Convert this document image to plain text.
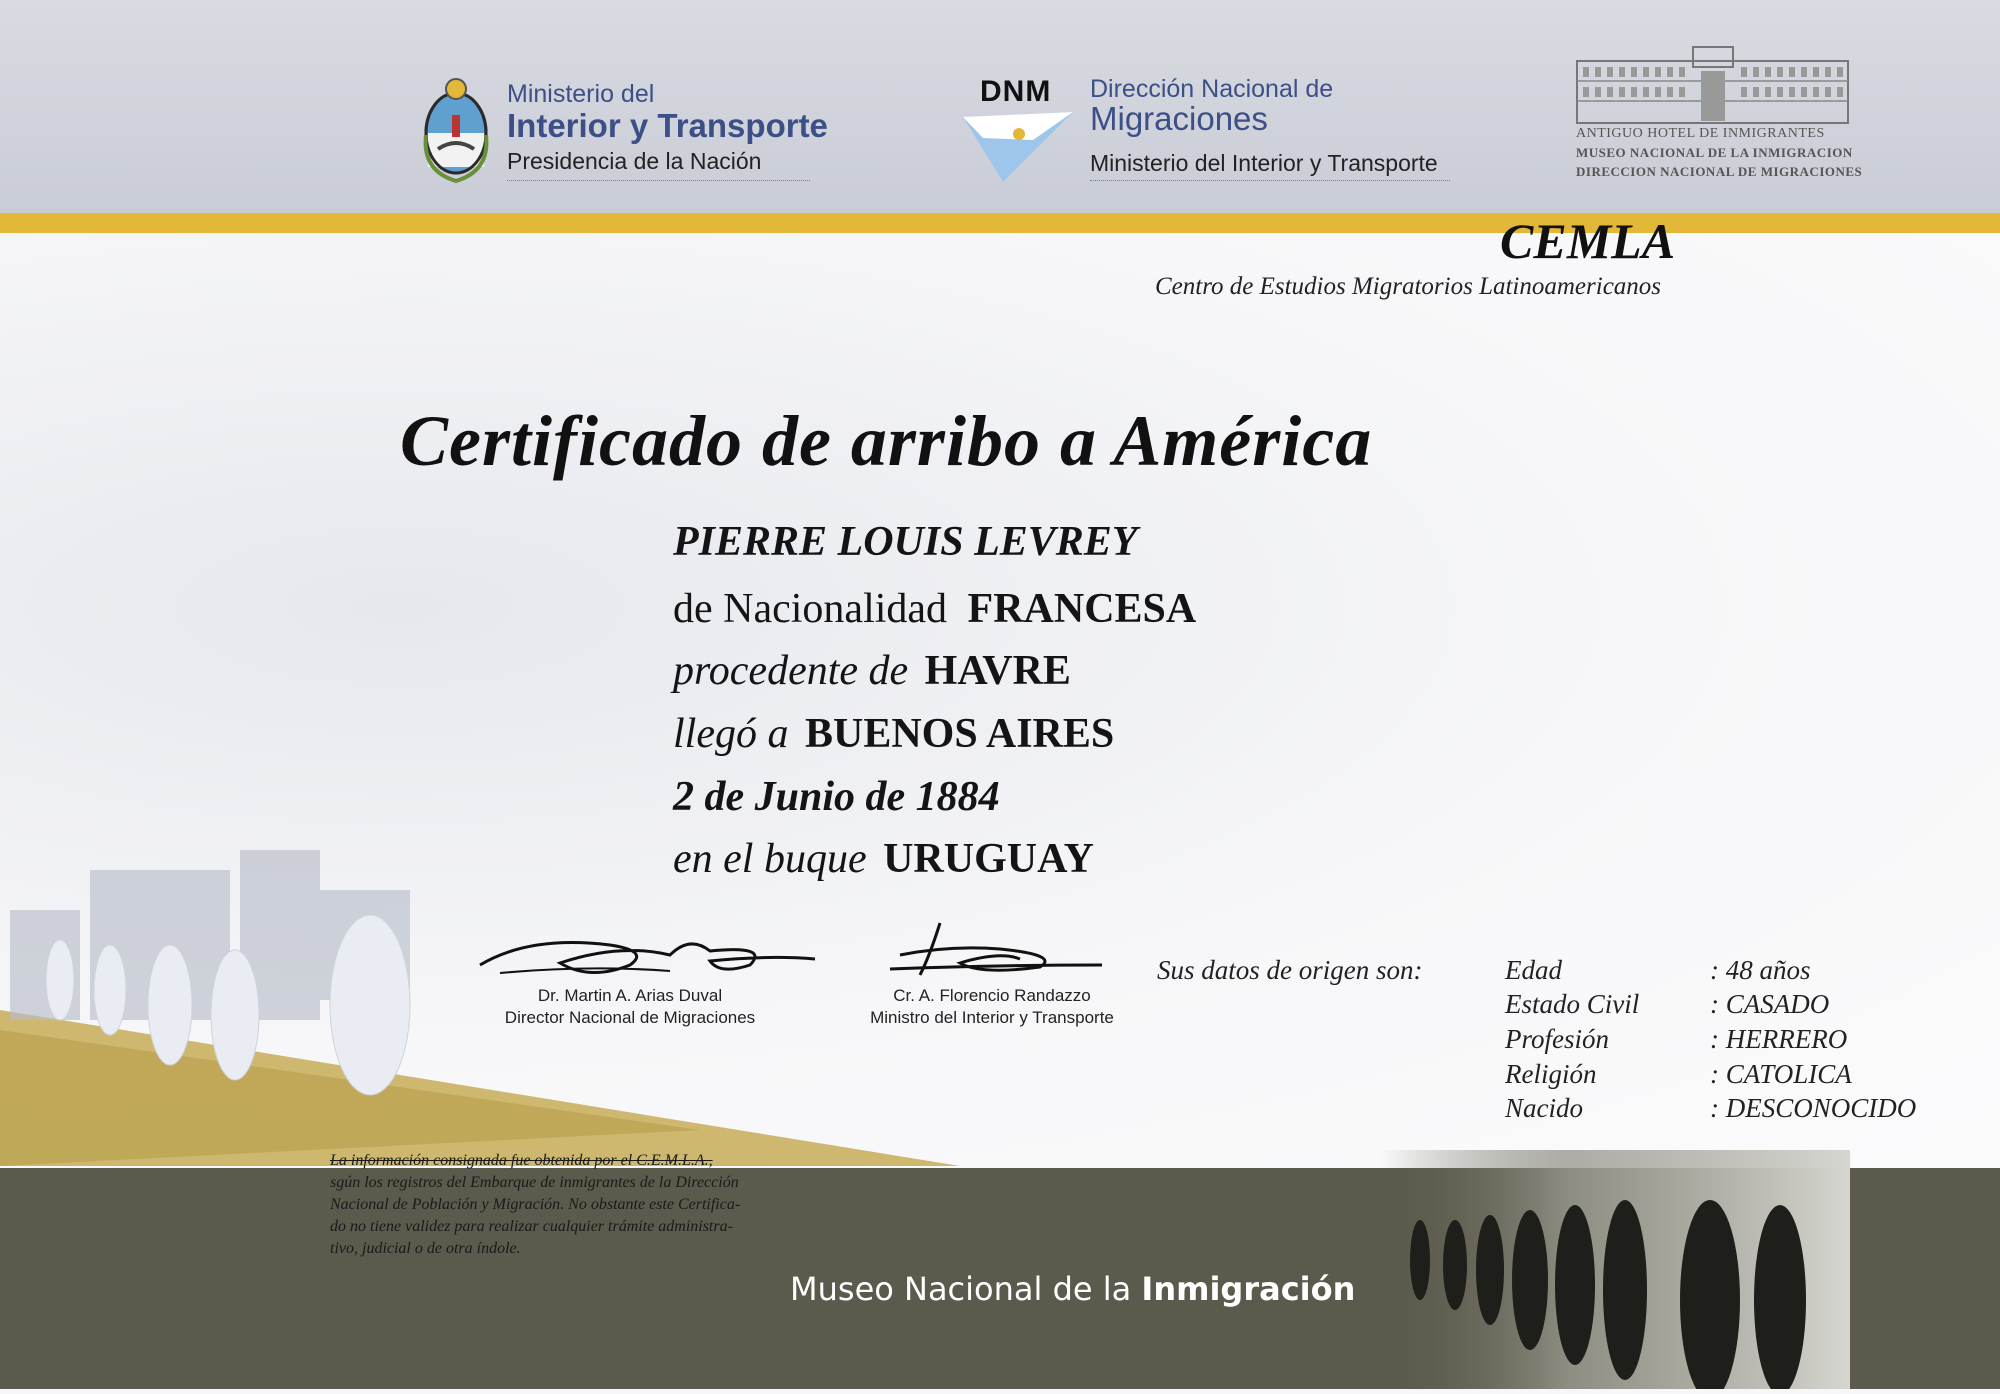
Ministerio del
Interior y Transporte
Presidencia de la Nación
DNM Dirección Nacional de
Migraciones
Ministerio del Interior y Transporte
ANTIGUO HOTEL DE INMIGRANTES
MUSEO NACIONAL DE LA INMIGRACION
DIRECCION NACIONAL DE MIGRACIONES
CEMLA
Centro de Estudios Migratorios Latinoamericanos
Certificado de arribo a América
PIERRE LOUIS LEVREY
de Nacionalidad FRANCESA
procedente de HAVRE
llegó a BUENOS AIRES
2 de Junio de 1884
en el buque URUGUAY
Dr. Martin A. Arias Duval
Director Nacional de Migraciones
Cr. A. Florencio Randazzo
Ministro del Interior y Transporte
Sus datos de origen son:	Edad	: 48 años
Estado Civil	: CASADO
Profesión	: HERRERO
Religión	: CATOLICA
Nacido	: DESCONOCIDO
La información consignada fue obtenida por el C.E.M.L.A.,
sgún los registros del Embarque de inmigrantes de la Dirección
Nacional de Población y Migración. No obstante este Certifica-
do no tiene validez para realizar cualquier trámite administra-
tivo, judicial o de otra índole.
Museo Nacional de la Inmigración
